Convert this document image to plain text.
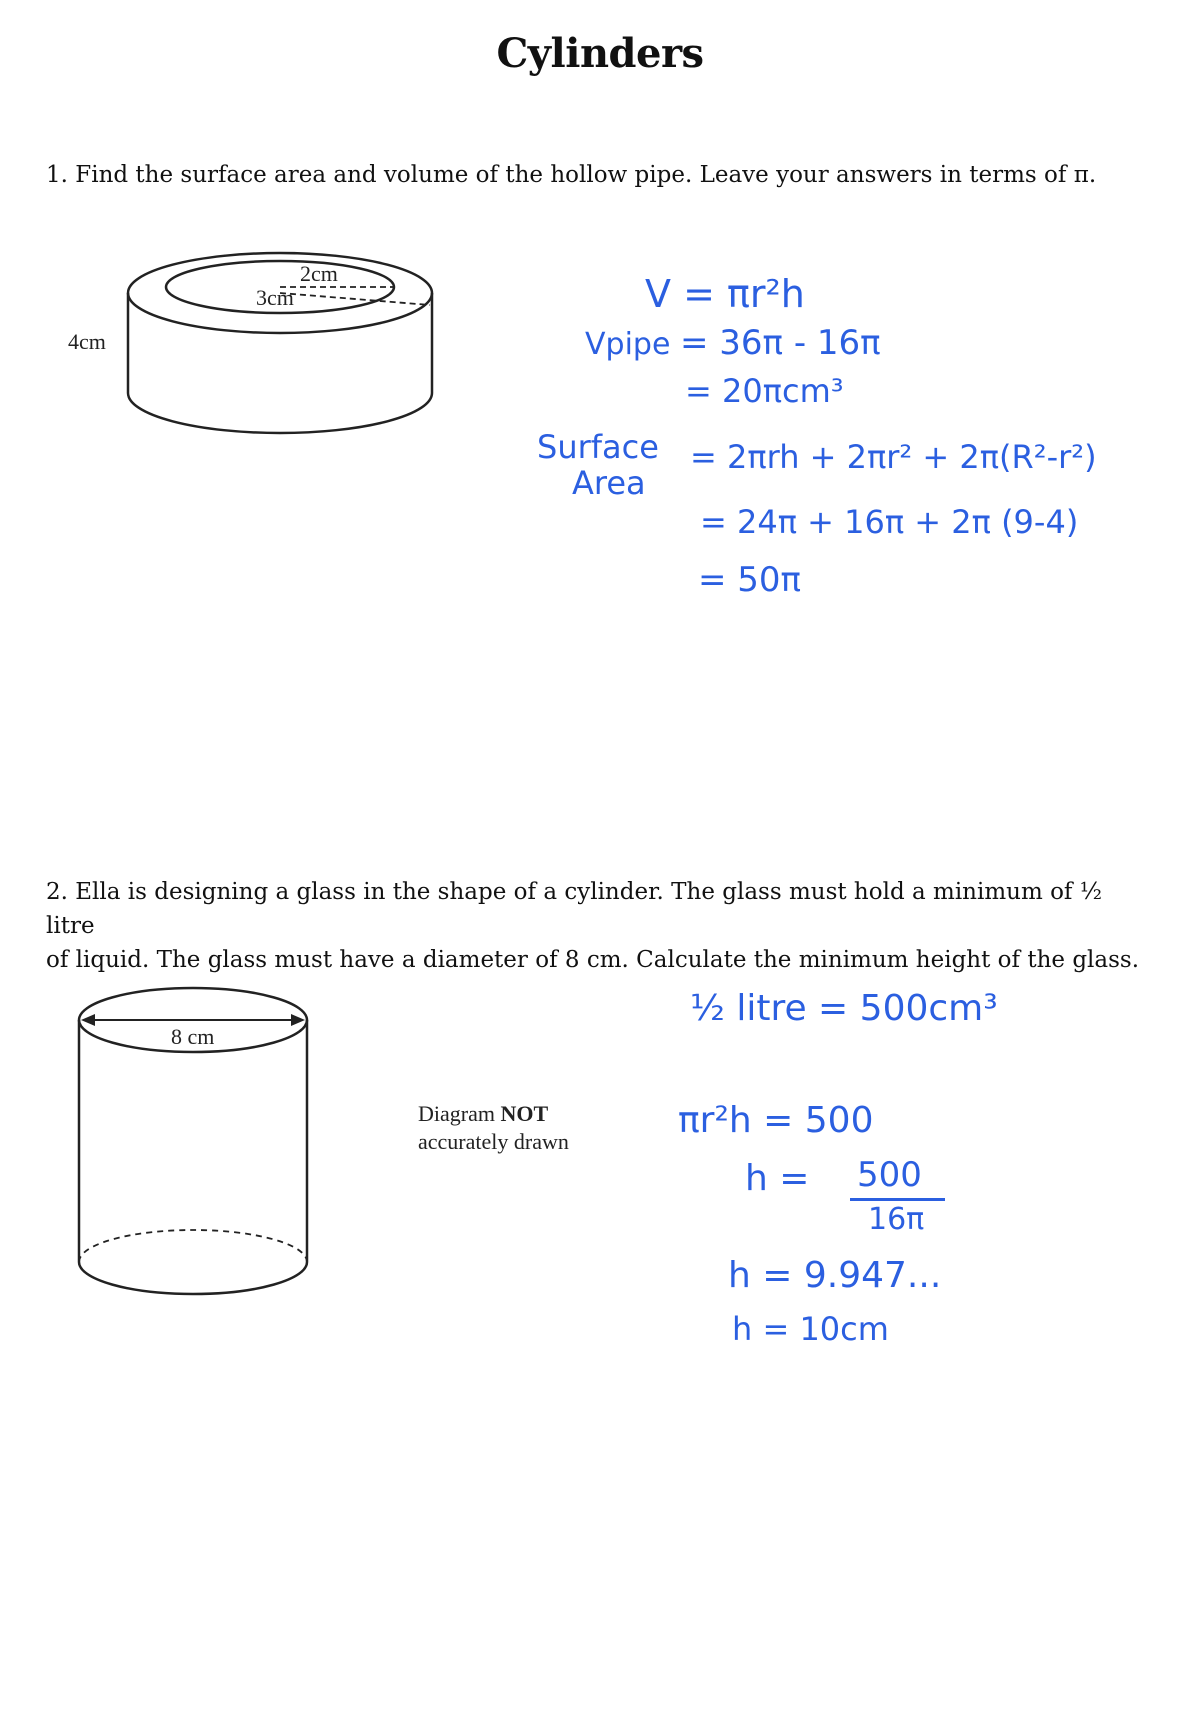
Cylinders
1. Find the surface area and volume of the hollow pipe. Leave your answers in terms of π.
2cm
3cm
4cm
V = πr²h
Vpipe = 36π - 16π
= 20πcm³
Surface
Area
= 2πrh + 2πr² + 2π(R²-r²)
= 24π + 16π + 2π (9-4)
= 50π
2. Ella is designing a glass in the shape of a cylinder. The glass must hold a minimum of ½ litre
of liquid. The glass must have a diameter of 8 cm. Calculate the minimum height of the glass.
8 cm
Diagram NOT
accurately drawn
½ litre = 500cm³
πr²h = 500
h = 500
16π
h = 9.947...
h = 10cm
